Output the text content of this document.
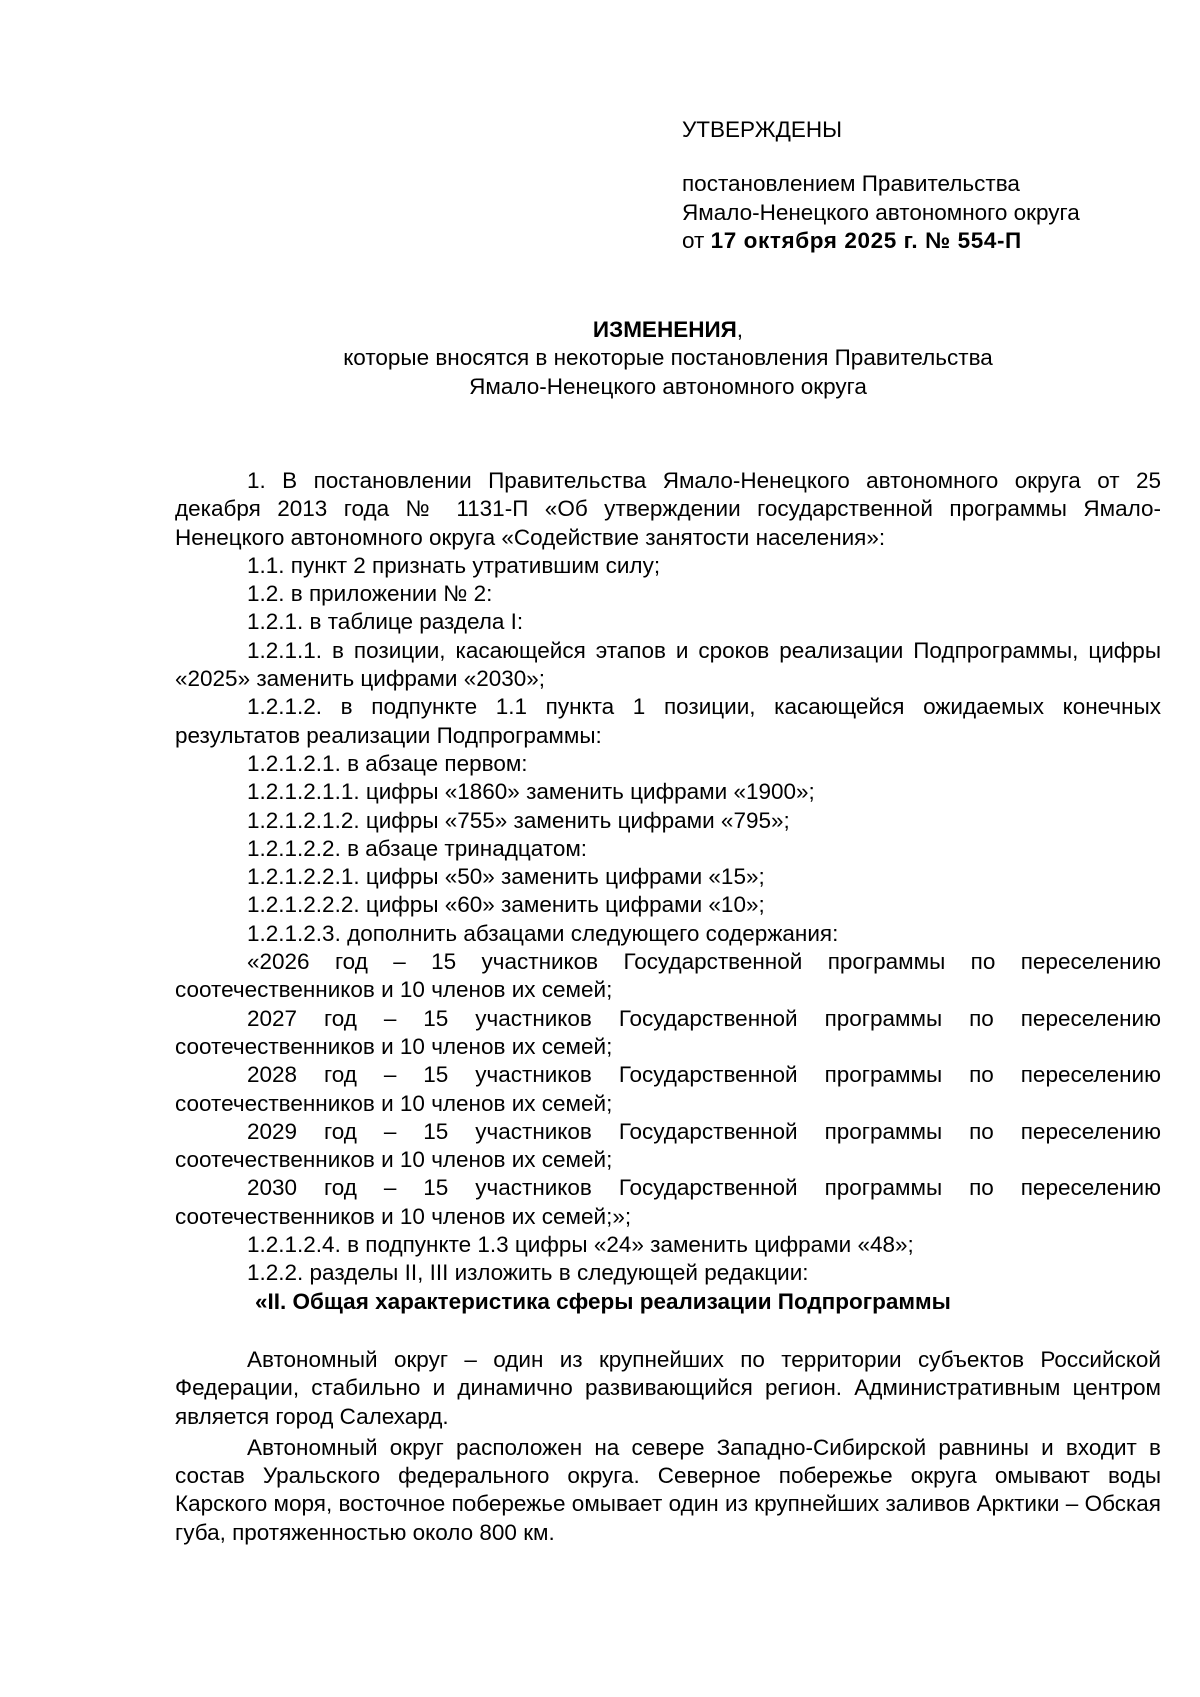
УТВЕРЖДЕНЫ
постановлением Правительства
Ямало-Ненецкого автономного округа
от 17 октября 2025 г. № 554-П
ИЗМЕНЕНИЯ,
которые вносятся в некоторые постановления Правительства
Ямало-Ненецкого автономного округа

1. В постановлении Правительства Ямало-Ненецкого автономного округа от 25 декабря 2013 года № 1131-П «Об утверждении государственной программы Ямало-Ненецкого автономного округа «Содействие занятости населения»:

1.1. пункт 2 признать утратившим силу;

1.2. в приложении № 2:

1.2.1. в таблице раздела I:

1.2.1.1. в позиции, касающейся этапов и сроков реализации Подпрограммы, цифры «2025» заменить цифрами «2030»;

1.2.1.2. в подпункте 1.1 пункта 1 позиции, касающейся ожидаемых конечных результатов реализации Подпрограммы:

1.2.1.2.1. в абзаце первом:

1.2.1.2.1.1. цифры «1860» заменить цифрами «1900»;

1.2.1.2.1.2. цифры «755» заменить цифрами «795»;

1.2.1.2.2. в абзаце тринадцатом:

1.2.1.2.2.1. цифры «50» заменить цифрами «15»;

1.2.1.2.2.2. цифры «60» заменить цифрами «10»;

1.2.1.2.3. дополнить абзацами следующего содержания:

«2026 год – 15 участников Государственной программы по переселению соотечественников и 10 членов их семей;

2027 год – 15 участников Государственной программы по переселению соотечественников и 10 членов их семей;

2028 год – 15 участников Государственной программы по переселению соотечественников и 10 членов их семей;

2029 год – 15 участников Государственной программы по переселению соотечественников и 10 членов их семей;

2030 год – 15 участников Государственной программы по переселению соотечественников и 10 членов их семей;»;

1.2.1.2.4. в подпункте 1.3 цифры «24» заменить цифрами «48»;

1.2.2. разделы II, III изложить в следующей редакции:

«II. Общая характеристика сферы реализации Подпрограммы

Автономный округ – один из крупнейших по территории субъектов Российской Федерации, стабильно и динамично развивающийся регион. Административным центром является город Салехард.

Автономный округ расположен на севере Западно-Сибирской равнины и входит в состав Уральского федерального округа. Северное побережье округа омывают воды Карского моря, восточное побережье омывает один из крупнейших заливов Арктики – Обская губа, протяженностью около 800 км.
